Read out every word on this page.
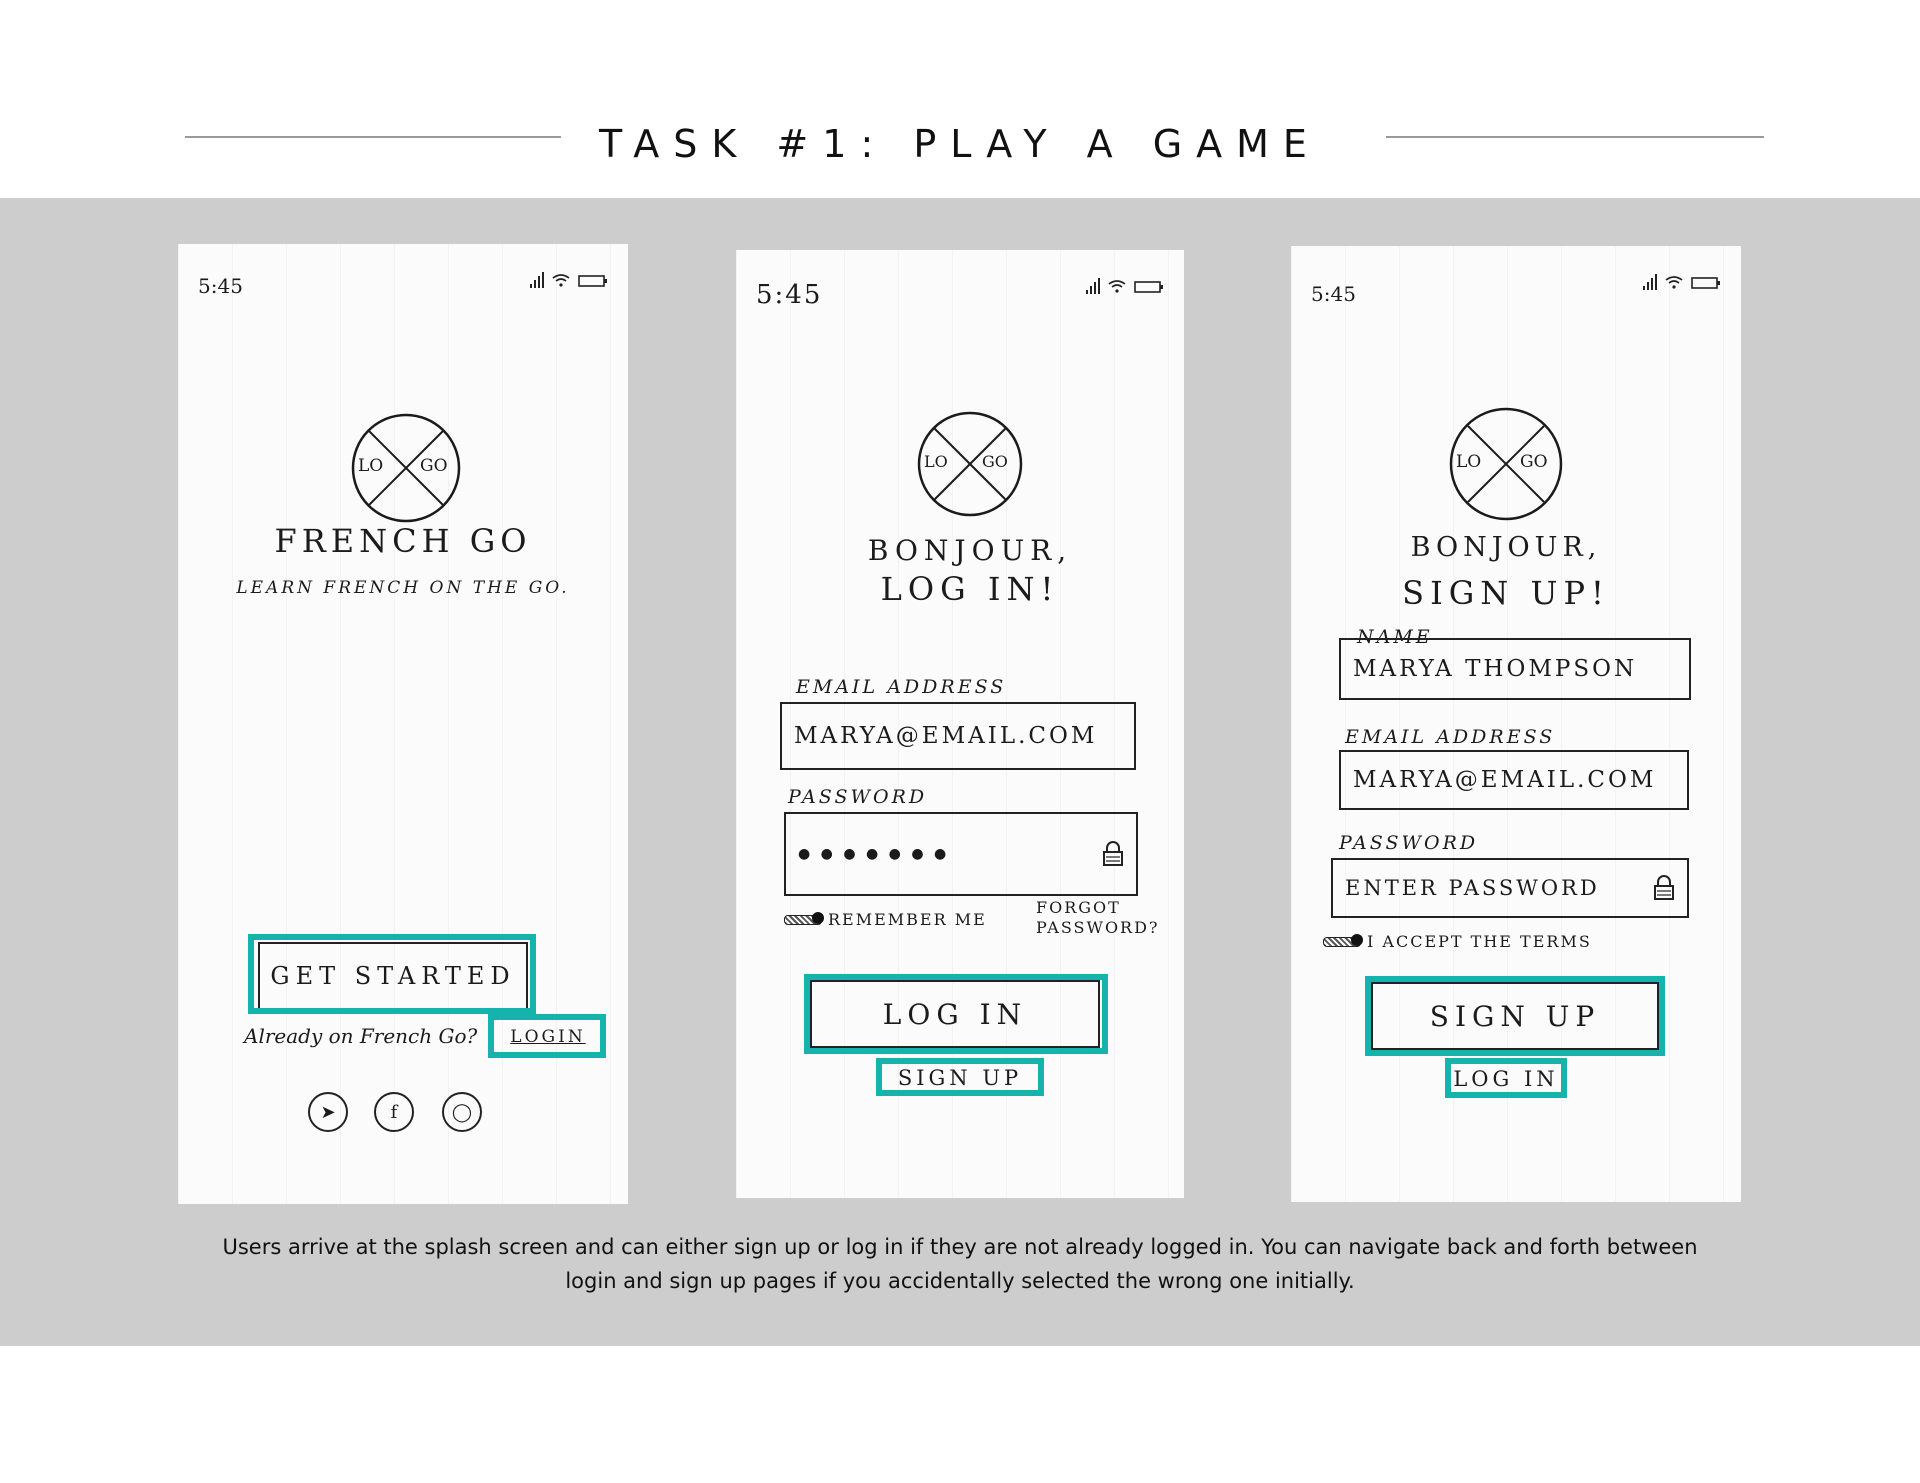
TASK #1: PLAY A GAME
5:45
LO GO
FRENCH GO
LEARN FRENCH ON THE GO.
GET STARTED
Already on French Go? LOGIN
➤	f	◯
5:45
LO GO
BONJOUR,
LOG IN!
EMAIL ADDRESS
MARYA@EMAIL.COM
PASSWORD
● ● ● ● ● ● ●
REMEMBER ME
FORGOT
PASSWORD?
LOG IN
SIGN UP
5:45
LO GO
BONJOUR,
SIGN UP!
NAME
MARYA THOMPSON
EMAIL ADDRESS
MARYA@EMAIL.COM
PASSWORD
ENTER PASSWORD
I ACCEPT THE TERMS
SIGN UP
LOG IN
Users arrive at the splash screen and can either sign up or log in if they are not already logged in. You can navigate back and forth between
login and sign up pages if you accidentally selected the wrong one initially.
